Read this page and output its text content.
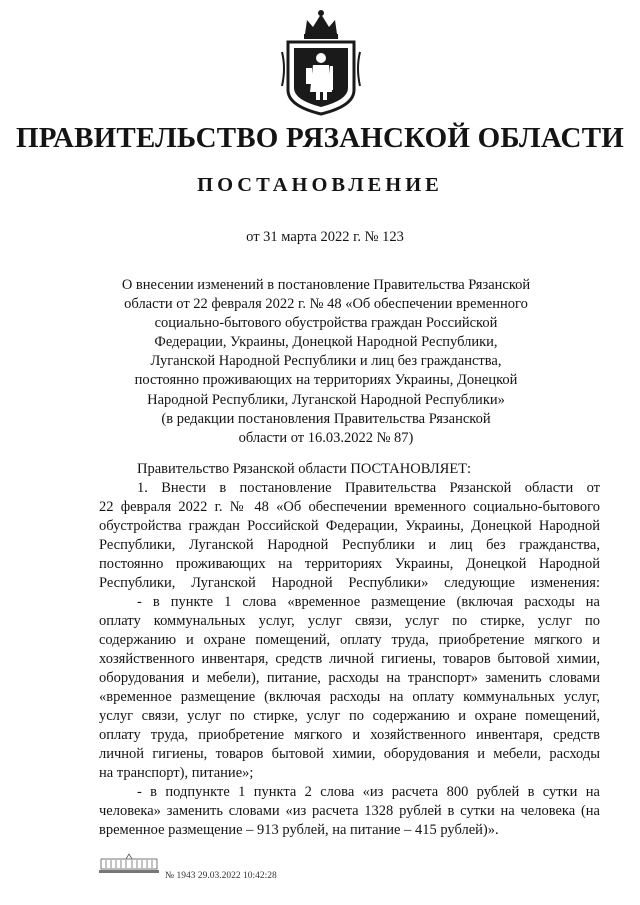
ПРАВИТЕЛЬСТВО РЯЗАНСКОЙ ОБЛАСТИ
ПОСТАНОВЛЕНИЕ
от 31 марта 2022 г. № 123
О внесении изменений в постановление Правительства Рязанской
области от 22 февраля 2022 г. № 48 «Об обеспечении временного
социально-бытового обустройства граждан Российской
Федерации, Украины, Донецкой Народной Республики,
Луганской Народной Республики и лиц без гражданства,
постоянно проживающих на территориях Украины, Донецкой
Народной Республики, Луганской Народной Республики»
(в редакции постановления Правительства Рязанской
области от 16.03.2022 № 87)
Правительство Рязанской области ПОСТАНОВЛЯЕТ:
1. Внести в постановление Правительства Рязанской области от
22 февраля 2022 г. № 48 «Об обеспечении временного социально-бытового
обустройства граждан Российской Федерации, Украины, Донецкой Народной
Республики, Луганской Народной Республики и лиц без гражданства,
постоянно проживающих на территориях Украины, Донецкой Народной
Республики, Луганской Народной Республики» следующие изменения:
- в пункте 1 слова «временное размещение (включая расходы на
оплату коммунальных услуг, услуг связи, услуг по стирке, услуг по
содержанию и охране помещений, оплату труда, приобретение мягкого и
хозяйственного инвентаря, средств личной гигиены, товаров бытовой химии,
оборудования и мебели), питание, расходы на транспорт» заменить словами
«временное размещение (включая расходы на оплату коммунальных услуг,
услуг связи, услуг по стирке, услуг по содержанию и охране помещений,
оплату труда, приобретение мягкого и хозяйственного инвентаря, средств
личной гигиены, товаров бытовой химии, оборудования и мебели, расходы
на транспорт), питание»;
- в подпункте 1 пункта 2 слова «из расчета 800 рублей в сутки на
человека» заменить словами «из расчета 1328 рублей в сутки на человека (на
временное размещение – 913 рублей, на питание – 415 рублей)».
№ 1943 29.03.2022 10:42:28
